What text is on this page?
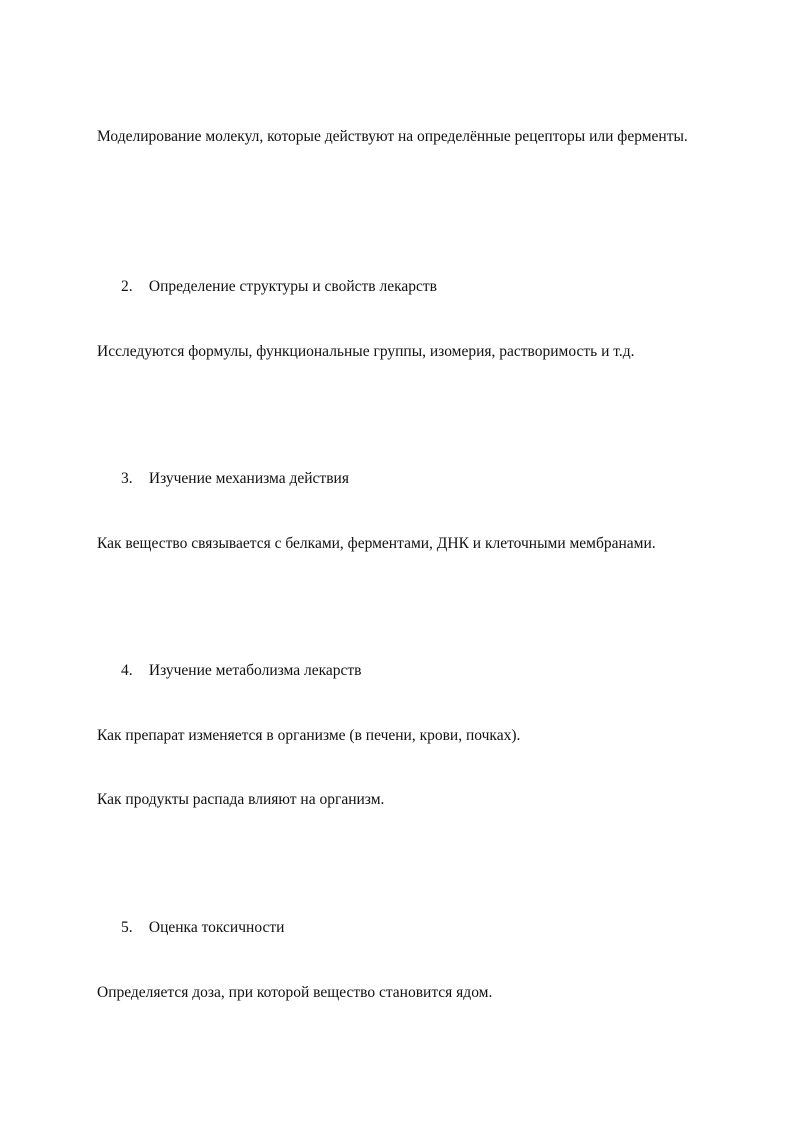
Моделирование молекул, которые действуют на определённые рецепторы или ферменты.

2. Определение структуры и свойств лекарств

Исследуются формулы, функциональные группы, изомерия, растворимость и т.д.

3. Изучение механизма действия

Как вещество связывается с белками, ферментами, ДНК и клеточными мембранами.

4. Изучение метаболизма лекарств

Как препарат изменяется в организме (в печени, крови, почках).

Как продукты распада влияют на организм.

5. Оценка токсичности

Определяется доза, при которой вещество становится ядом.
